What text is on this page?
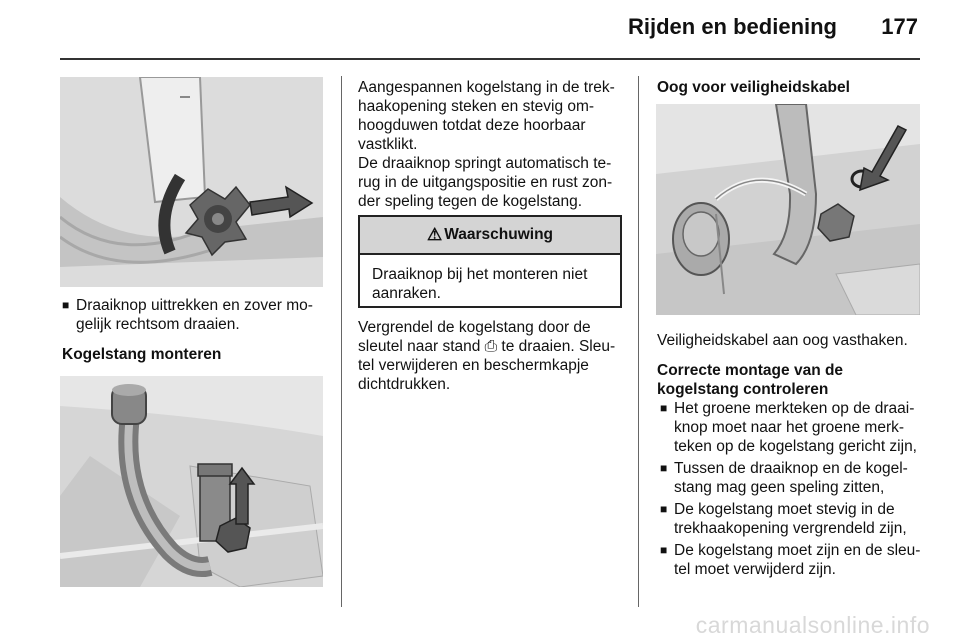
Rijden en bediening 177
■ Draaiknop uittrekken en zover mo-gelijk rechtsom draaien.
Kogelstang monteren
Aangespannen kogelstang in de trek-haakopening steken en stevig om-hoogduwen totdat deze hoorbaar vastklikt.
De draaiknop springt automatisch te-rug in de uitgangspositie en rust zon-der speling tegen de kogelstang.
⚠ Waarschuwing
Draaiknop bij het monteren niet aanraken.
Vergrendel de kogelstang door de sleutel naar stand ⎙ te draaien. Sleu-tel verwijderen en beschermkapje dichtdrukken.
Oog voor veiligheidskabel
Veiligheidskabel aan oog vasthaken.
Correcte montage van de kogelstang controleren
■ Het groene merkteken op de draai-knop moet naar het groene merk-teken op de kogelstang gericht zijn,
■ Tussen de draaiknop en de kogel-stang mag geen speling zitten,
■ De kogelstang moet stevig in de trekhaakopening vergrendeld zijn,
■ De kogelstang moet zijn en de sleu-tel moet verwijderd zijn.
carmanualsonline.info
